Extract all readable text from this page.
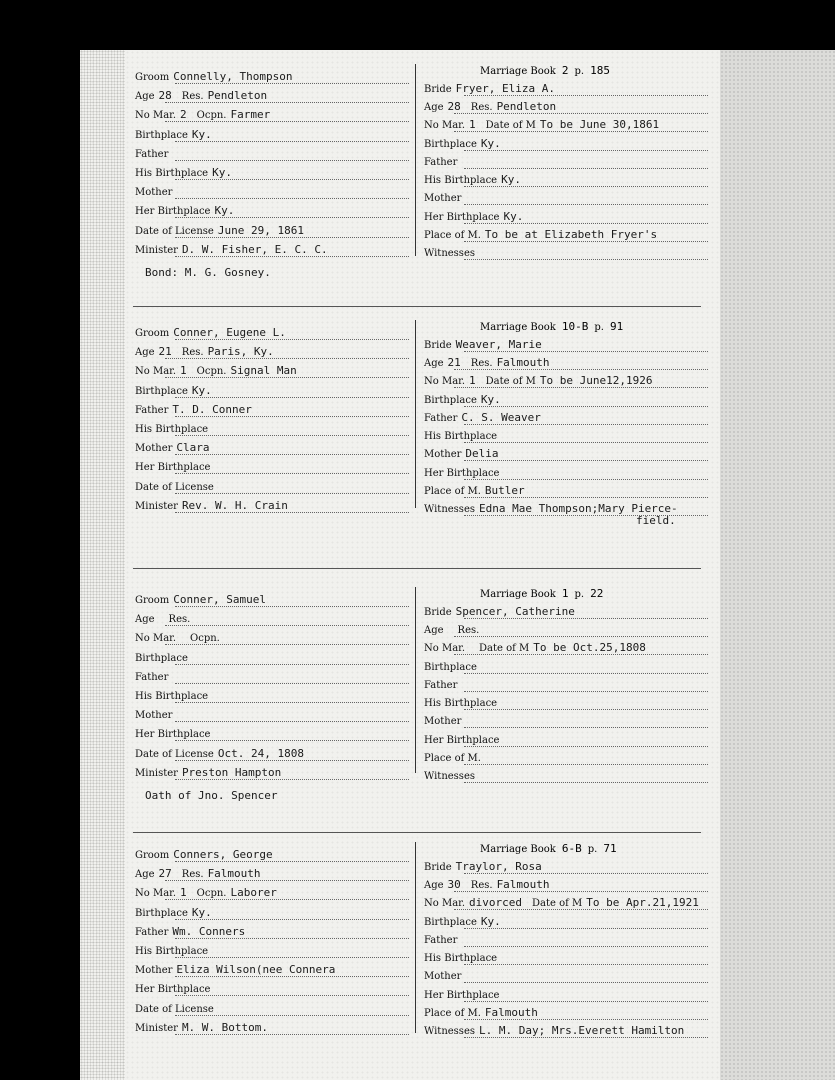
Groom Connelly, Thompson
Age 28 Res. Pendleton
No Mar. 2 Ocpn. Farmer
Birthplace Ky.
Father
His Birthplace Ky.
Mother
Her Birthplace Ky.
Date of License June 29, 1861
Minister D. W. Fisher, E. C. C.
Bond: M. G. Gosney.
Marriage Book 2 p. 185
Bride Fryer, Eliza A.
Age 28 Res. Pendleton
No Mar. 1 Date of M To be June 30,1861
Birthplace Ky.
Father
His Birthplace Ky.
Mother
Her Birthplace Ky.
Place of M. To be at Elizabeth Fryer's
Witnesses
Groom Conner, Eugene L.
Age 21 Res. Paris, Ky.
No Mar. 1 Ocpn. Signal Man
Birthplace Ky.
Father T. D. Conner
His Birthplace
Mother Clara
Her Birthplace
Date of License
Minister Rev. W. H. Crain
Marriage Book 10-B p. 91
Bride Weaver, Marie
Age 21 Res. Falmouth
No Mar. 1 Date of M To be June12,1926
Birthplace Ky.
Father C. S. Weaver
His Birthplace
Mother Delia
Her Birthplace
Place of M. Butler
Witnesses Edna Mae Thompson;Mary Pierce-
field.
Groom Conner, Samuel
Age Res.
No Mar. Ocpn.
Birthplace
Father
His Birthplace
Mother
Her Birthplace
Date of License Oct. 24, 1808
Minister Preston Hampton
Oath of Jno. Spencer
Marriage Book 1 p. 22
Bride Spencer, Catherine
Age Res.
No Mar. Date of M To be Oct.25,1808
Birthplace
Father
His Birthplace
Mother
Her Birthplace
Place of M.
Witnesses
Groom Conners, George
Age 27 Res. Falmouth
No Mar. 1 Ocpn. Laborer
Birthplace Ky.
Father Wm. Conners
His Birthplace
Mother Eliza Wilson(nee Connera
Her Birthplace
Date of License
Minister M. W. Bottom.
Marriage Book 6-B p. 71
Bride Traylor, Rosa
Age 30 Res. Falmouth
No Mar. divorced Date of M To be Apr.21,1921
Birthplace Ky.
Father
His Birthplace
Mother
Her Birthplace
Place of M. Falmouth
Witnesses L. M. Day; Mrs.Everett Hamilton
